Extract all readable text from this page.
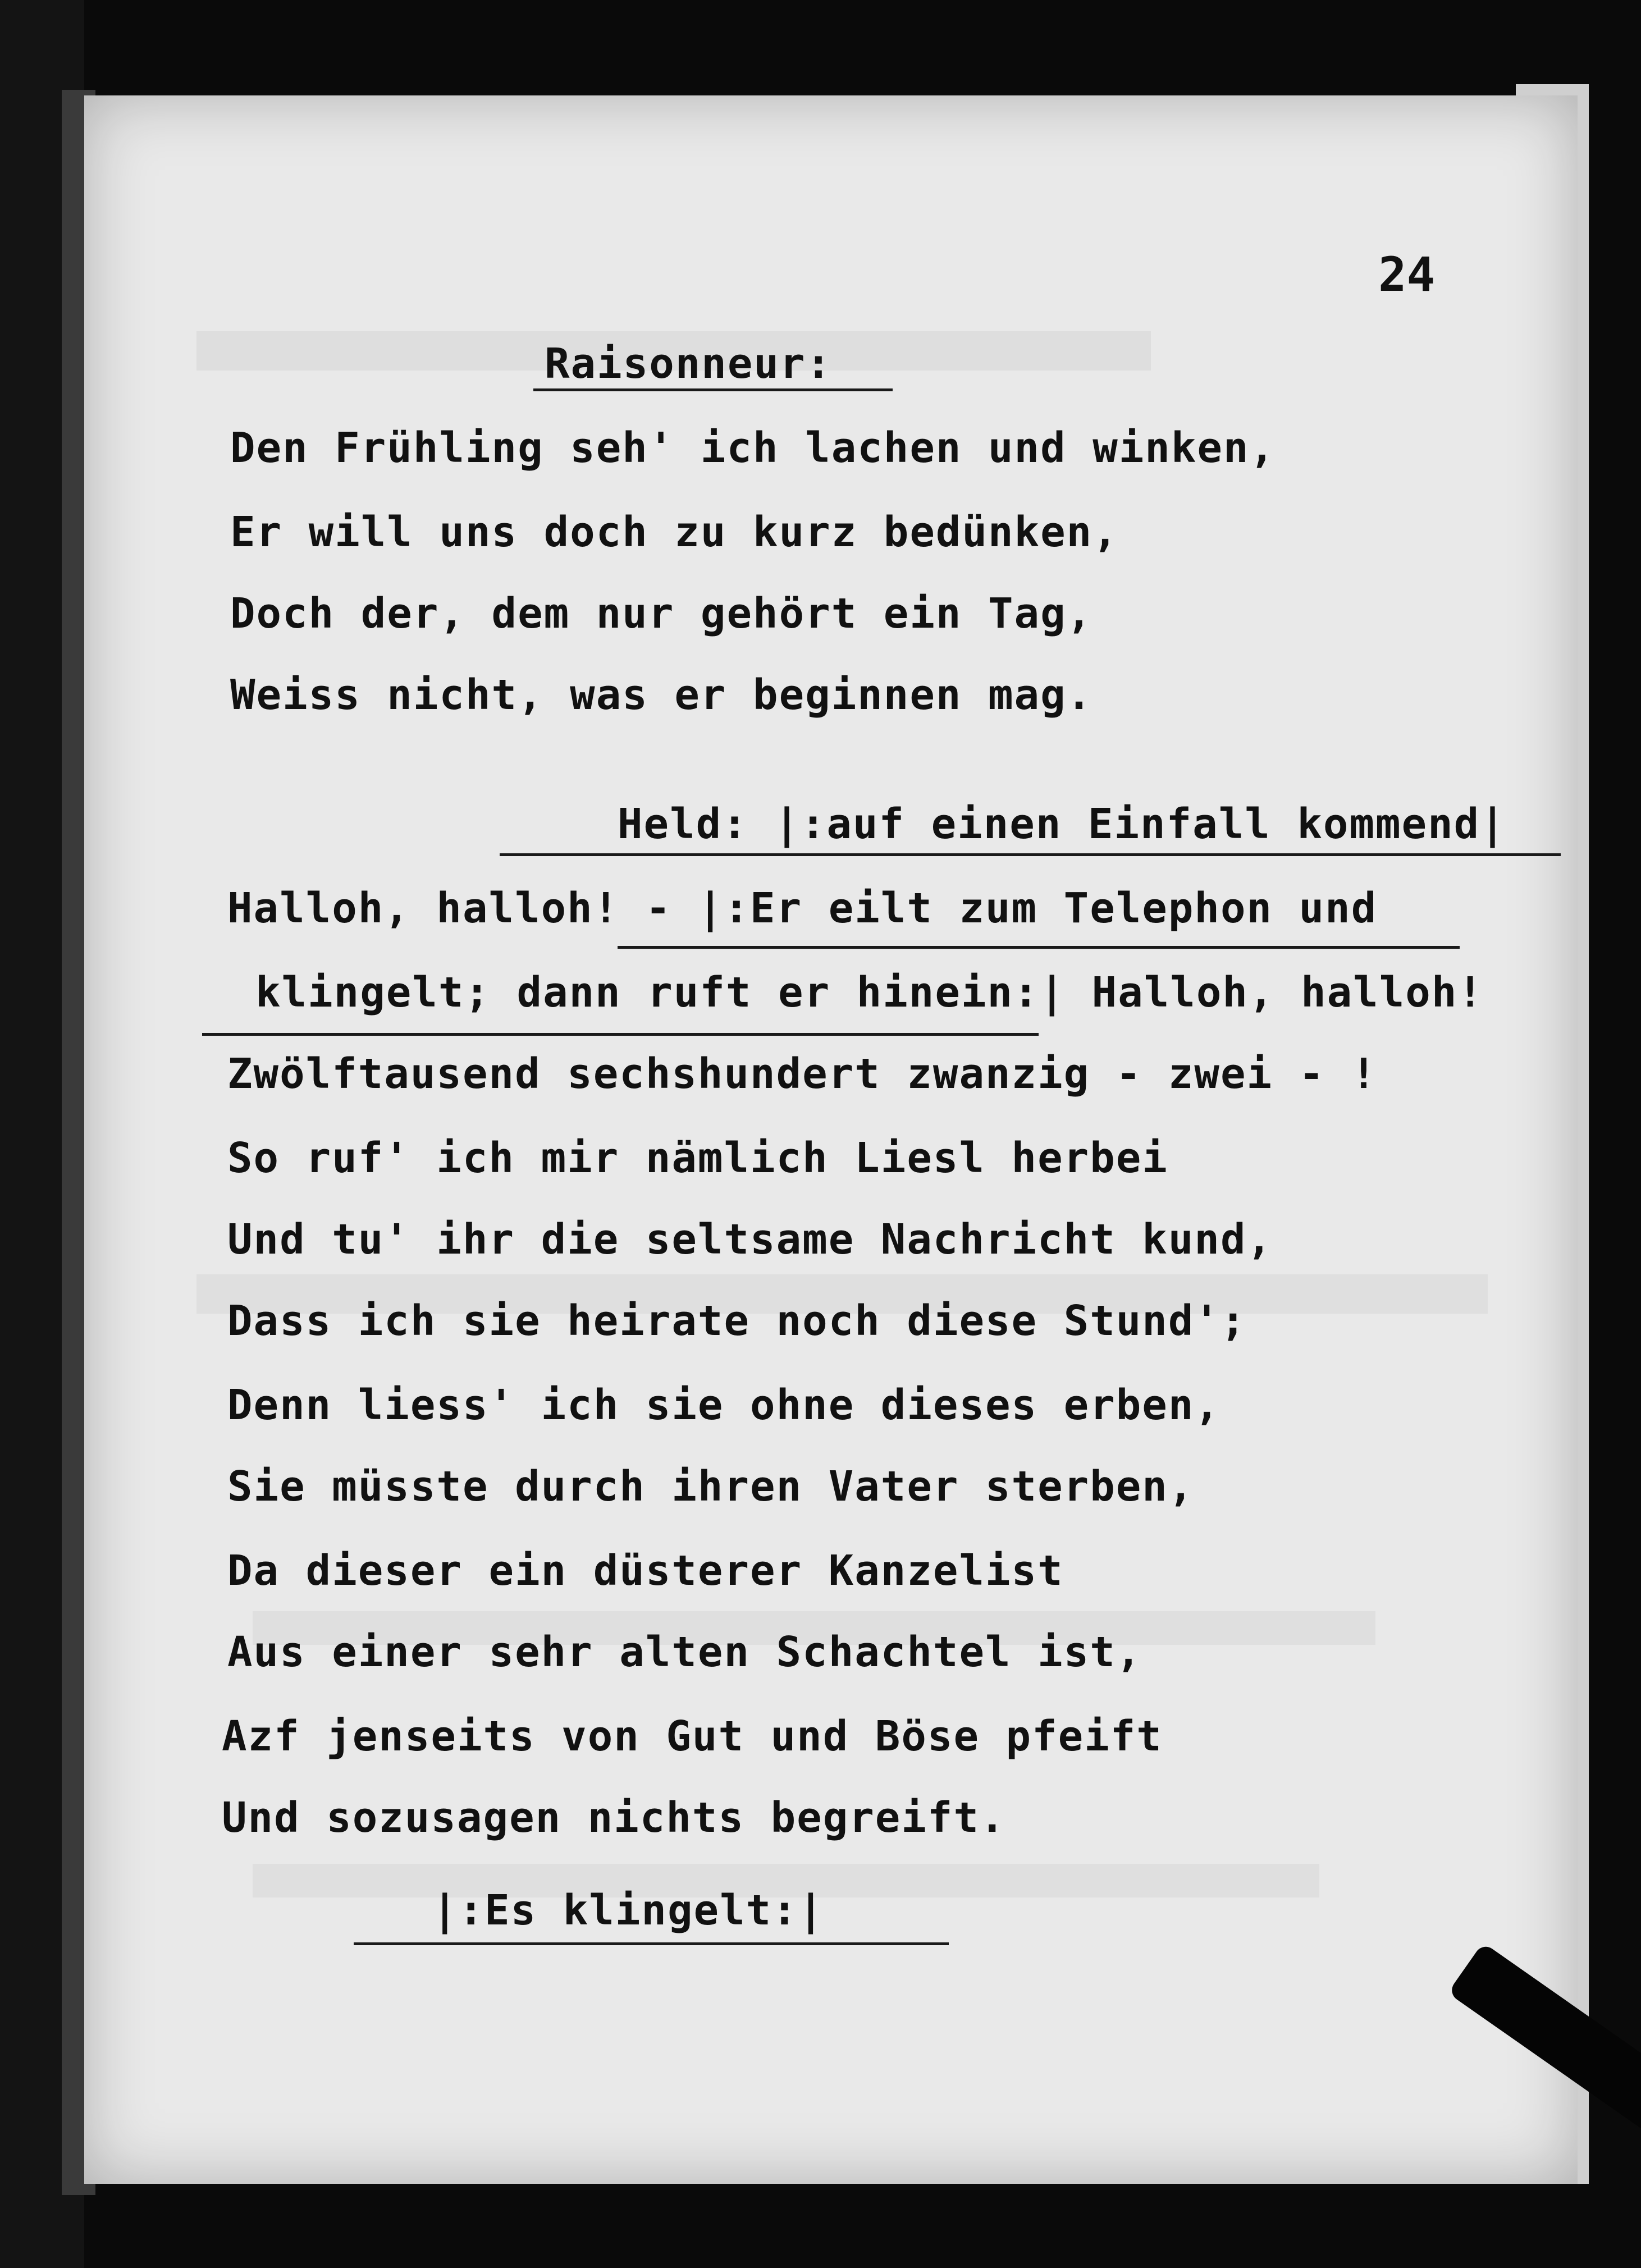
24
Raisonneur:
Den Frühling seh' ich lachen und winken,
Er will uns doch zu kurz bedünken,
Doch der, dem nur gehört ein Tag,
Weiss nicht, was er beginnen mag.
Held: |:auf einen Einfall kommend|
Halloh, halloh! - |:Er eilt zum Telephon und
klingelt; dann ruft er hinein:| Halloh, halloh!
Zwölftausend sechshundert zwanzig - zwei - !
So ruf' ich mir nämlich Liesl herbei
Und tu' ihr die seltsame Nachricht kund,
Dass ich sie heirate noch diese Stund';
Denn liess' ich sie ohne dieses erben,
Sie müsste durch ihren Vater sterben,
Da dieser ein düsterer Kanzelist
Aus einer sehr alten Schachtel ist,
Azf jenseits von Gut und Böse pfeift
Und sozusagen nichts begreift.
|:Es klingelt:|
